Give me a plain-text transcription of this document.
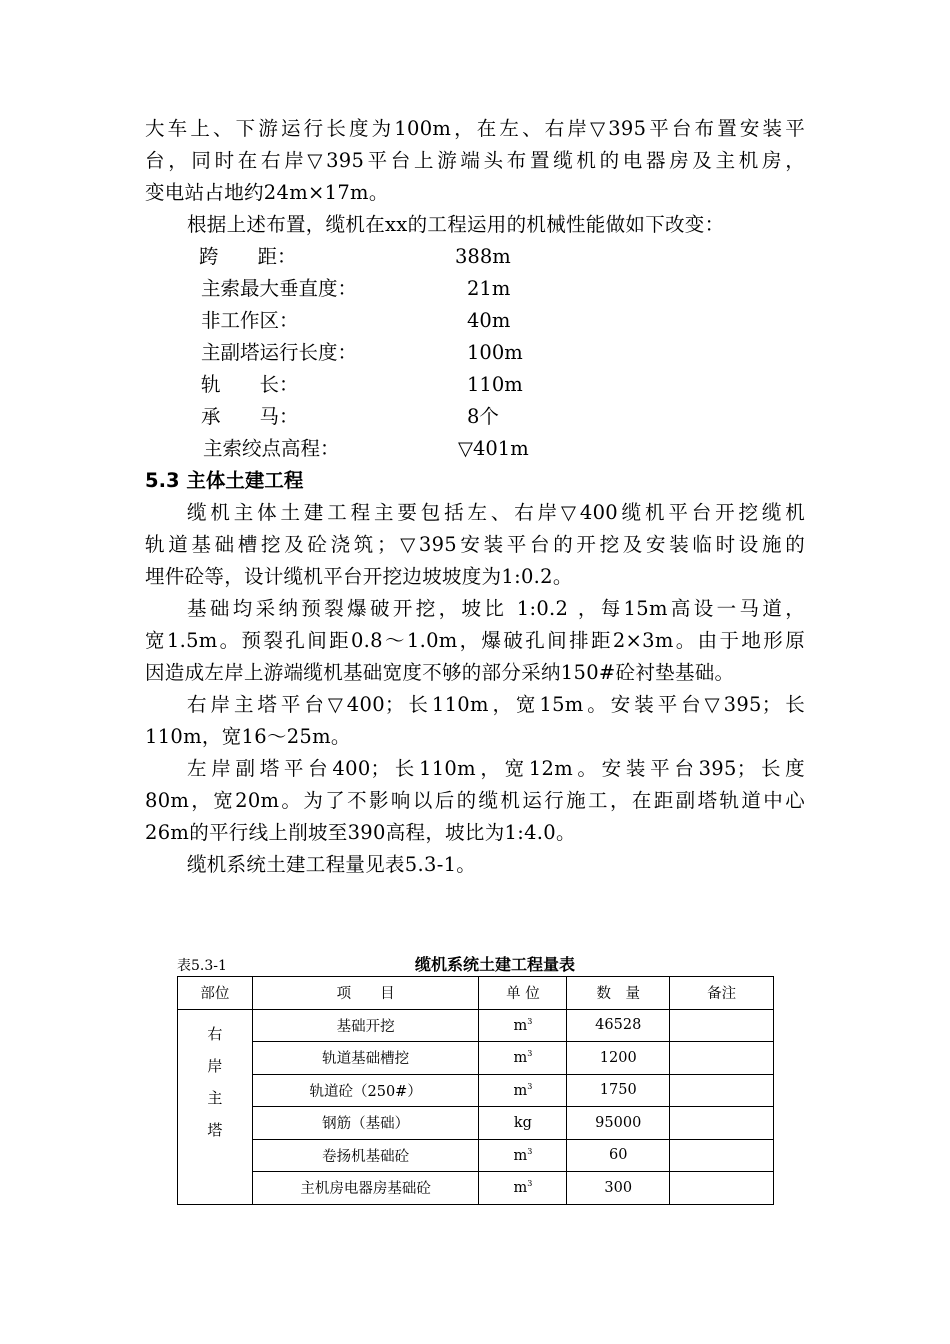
大车上、下游运行长度为100m，在左、右岸▽395平台布置安装平
台，同时在右岸▽395平台上游端头布置缆机的电器房及主机房，
变电站占地约24m×17m。
根据上述布置，缆机在xx的工程运用的机械性能做如下改变：
跨　　距：	388m
主索最大垂直度：	21m
非工作区：	40m
主副塔运行长度：	100m
轨　　长：	110m
承　　马：	8个
主索绞点高程：	▽401m
5.3 主体土建工程
缆机主体土建工程主要包括左、右岸▽400缆机平台开挖缆机
轨道基础槽挖及砼浇筑；▽395安装平台的开挖及安装临时设施的
埋件砼等，设计缆机平台开挖边坡坡度为1:0.2。
基础均采纳预裂爆破开挖，坡比 1:0.2 ，每15m高设一马道，
宽1.5m。预裂孔间距0.8～1.0m，爆破孔间排距2×3m。由于地形原
因造成左岸上游端缆机基础宽度不够的部分采纳150#砼衬垫基础。
右岸主塔平台▽400；长110m，宽15m。安装平台▽395；长
110m，宽16～25m。
左岸副塔平台400；长110m，宽12m。安装平台395；长度
80m，宽20m。为了不影响以后的缆机运行施工，在距副塔轨道中心
26m的平行线上削坡至390高程，坡比为1:4.0。
缆机系统土建工程量见表5.3-1。
表5.3-1	缆机系统土建工程量表
部位	项　　目	单 位	数　量	备注

右
岸
主
塔	基础开挖	$m^3$	46528	
	轨道基础槽挖	$m^3$	1200	
	轨道砼（250#）	$m^3$	1750	
	钢筋（基础）	kg	95000	
	卷扬机基础砼	$m^3$	60	
	主机房电器房基础砼	$m^3$	300	
